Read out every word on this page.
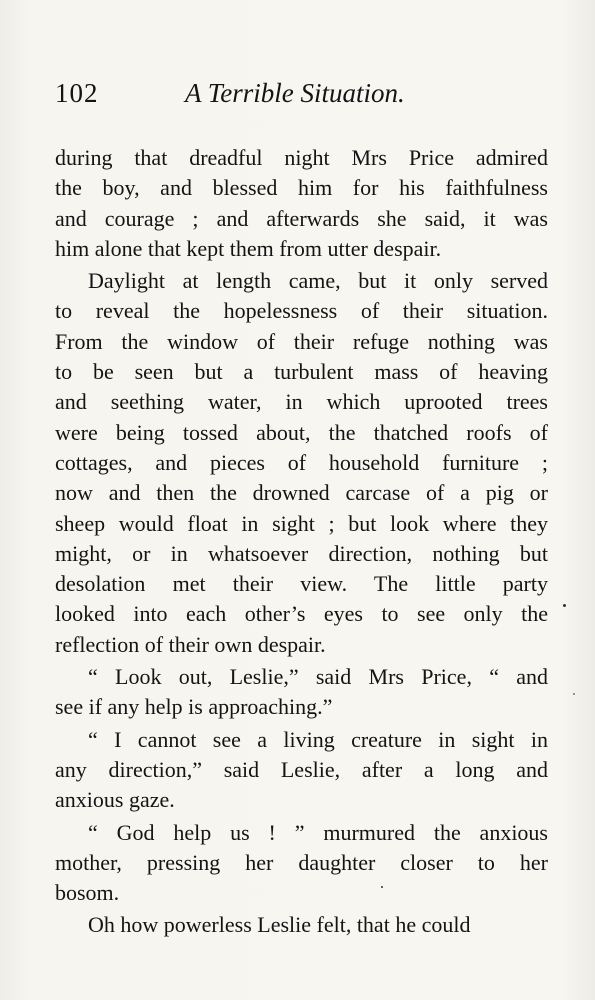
102	A Terrible Situation.
during that dreadful night Mrs Price admired
the boy, and blessed him for his faithfulness
and courage ; and afterwards she said, it was
him alone that kept them from utter despair.
Daylight at length came, but it only served
to reveal the hopelessness of their situation.
From the window of their refuge nothing was
to be seen but a turbulent mass of heaving
and seething water, in which uprooted trees
were being tossed about, the thatched roofs of
cottages, and pieces of household furniture ;
now and then the drowned carcase of a pig or
sheep would float in sight ; but look where they
might, or in whatsoever direction, nothing but
desolation met their view. The little party
looked into each other’s eyes to see only the
reflection of their own despair.
“ Look out, Leslie,” said Mrs Price, “ and
see if any help is approaching.”
“ I cannot see a living creature in sight in
any direction,” said Leslie, after a long and
anxious gaze.
“ God help us ! ” murmured the anxious
mother, pressing her daughter closer to her
bosom.
Oh how powerless Leslie felt, that he could
